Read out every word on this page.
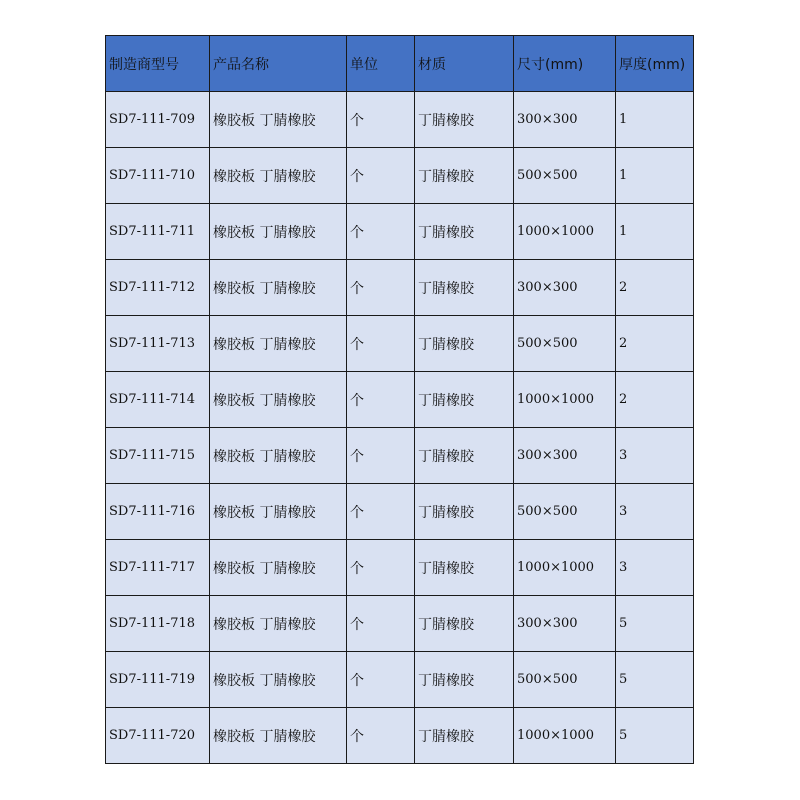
制造商型号	产品名称	单位	材质	尺寸(mm)	厚度(mm)
SD7-111-709	橡胶板 丁腈橡胶	个	丁腈橡胶	300×300	1
SD7-111-710	橡胶板 丁腈橡胶	个	丁腈橡胶	500×500	1
SD7-111-711	橡胶板 丁腈橡胶	个	丁腈橡胶	1000×1000	1
SD7-111-712	橡胶板 丁腈橡胶	个	丁腈橡胶	300×300	2
SD7-111-713	橡胶板 丁腈橡胶	个	丁腈橡胶	500×500	2
SD7-111-714	橡胶板 丁腈橡胶	个	丁腈橡胶	1000×1000	2
SD7-111-715	橡胶板 丁腈橡胶	个	丁腈橡胶	300×300	3
SD7-111-716	橡胶板 丁腈橡胶	个	丁腈橡胶	500×500	3
SD7-111-717	橡胶板 丁腈橡胶	个	丁腈橡胶	1000×1000	3
SD7-111-718	橡胶板 丁腈橡胶	个	丁腈橡胶	300×300	5
SD7-111-719	橡胶板 丁腈橡胶	个	丁腈橡胶	500×500	5
SD7-111-720	橡胶板 丁腈橡胶	个	丁腈橡胶	1000×1000	5
